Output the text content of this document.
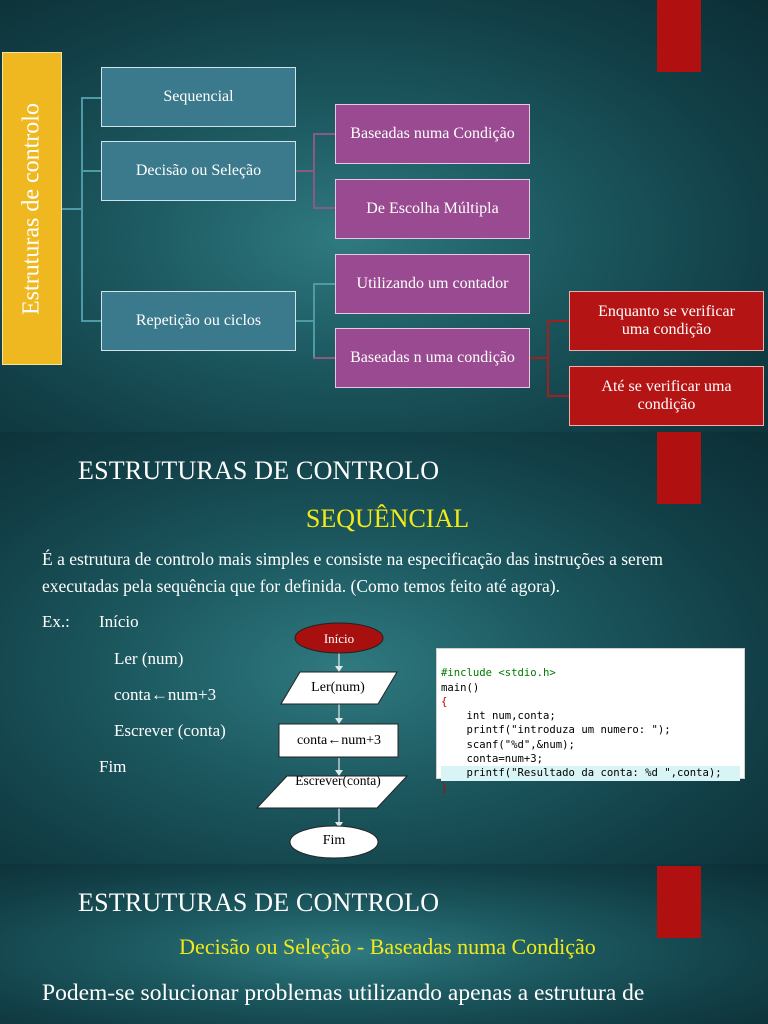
Estruturas de controlo
Sequencial
Decisão ou Seleção
Repetição ou ciclos
Baseadas numa Condição
De Escolha Múltipla
Utilizando um contador
Baseadas n uma condição
Enquanto se verificar uma condição
Até se verificar uma condição
ESTRUTURAS DE CONTROLO
SEQUÊNCIAL
É a estrutura de controlo mais simples e consiste na especificação das instruções a serem executadas pela sequência que for definida. (Como temos feito até agora).
Ex.: Início
Ler (num)
conta←num+3
Escrever (conta)
Fim
Início
Ler(num)
conta←num+3
Escrever(conta)
Fim

#include <stdio.h>
main()
{
int num,conta;
printf("introduza um numero: ");
scanf("%d",&num);
conta=num+3;
printf("Resultado da conta: %d ",conta);
}

ESTRUTURAS DE CONTROLO
Decisão ou Seleção - Baseadas numa Condição
Podem-se solucionar problemas utilizando apenas a estrutura de
